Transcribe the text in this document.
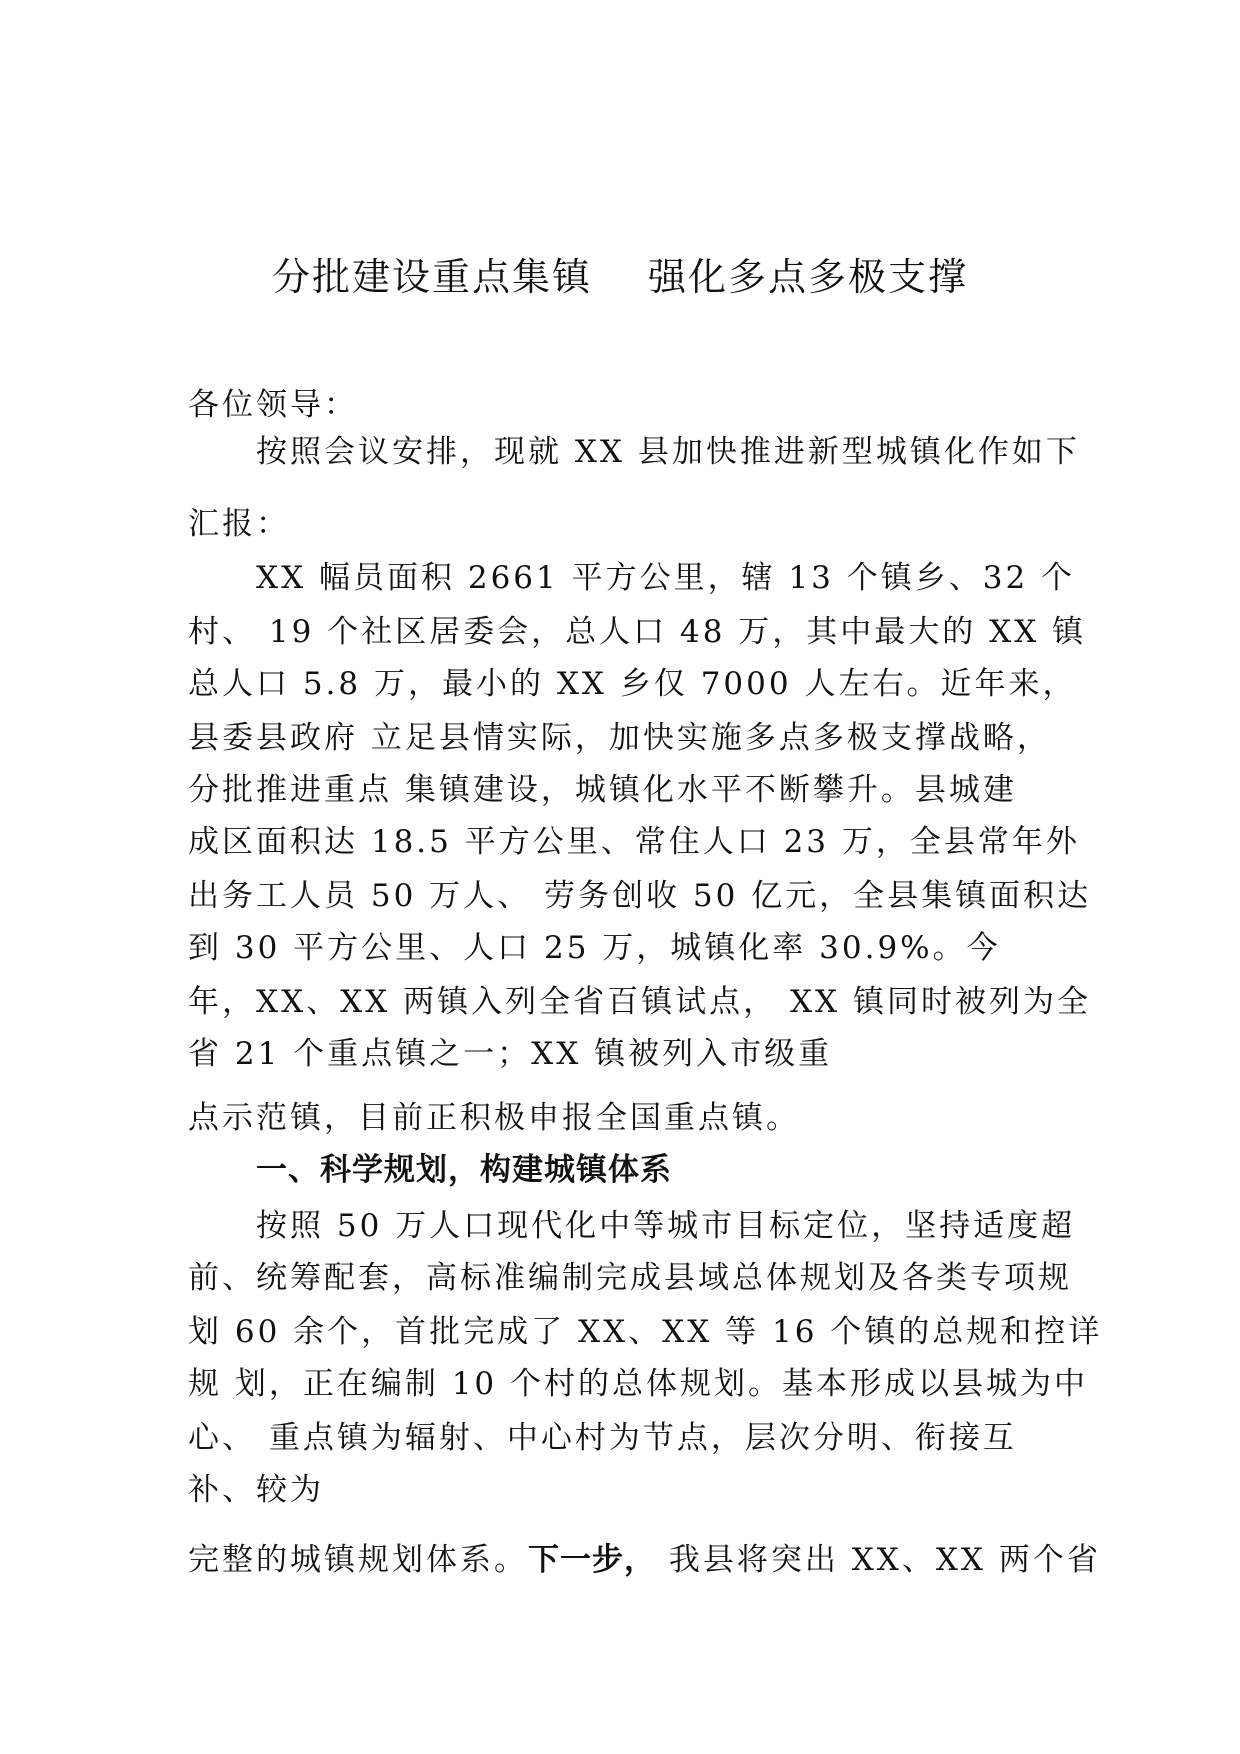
分批建设重点集镇 强化多点多极支撑
各位领导：
按照会议安排，现就 XX 县加快推进新型城镇化作如下
汇报：
XX 幅员面积 2661 平方公里，辖 13 个镇乡、32 个
村、 19 个社区居委会，总人口 48 万，其中最大的 XX 镇
总人口 5.8 万，最小的 XX 乡仅 7000 人左右。近年来，
县委县政府 立足县情实际，加快实施多点多极支撑战略，
分批推进重点 集镇建设，城镇化水平不断攀升。县城建
成区面积达 18.5 平方公里、常住人口 23 万，全县常年外
出务工人员 50 万人、 劳务创收 50 亿元，全县集镇面积达
到 30 平方公里、人口 25 万，城镇化率 30.9%。今
年，XX、XX 两镇入列全省百镇试点， XX 镇同时被列为全
省 21 个重点镇之一；XX 镇被列入市级重
点示范镇，目前正积极申报全国重点镇。
一、科学规划，构建城镇体系
按照 50 万人口现代化中等城市目标定位，坚持适度超
前、统筹配套，高标准编制完成县域总体规划及各类专项规
划 60 余个，首批完成了 XX、XX 等 16 个镇的总规和控详
规 划，正在编制 10 个村的总体规划。基本形成以县城为中
心、 重点镇为辐射、中心村为节点，层次分明、衔接互
补、较为
完整的城镇规划体系。下一步， 我县将突出 XX、XX 两个省
